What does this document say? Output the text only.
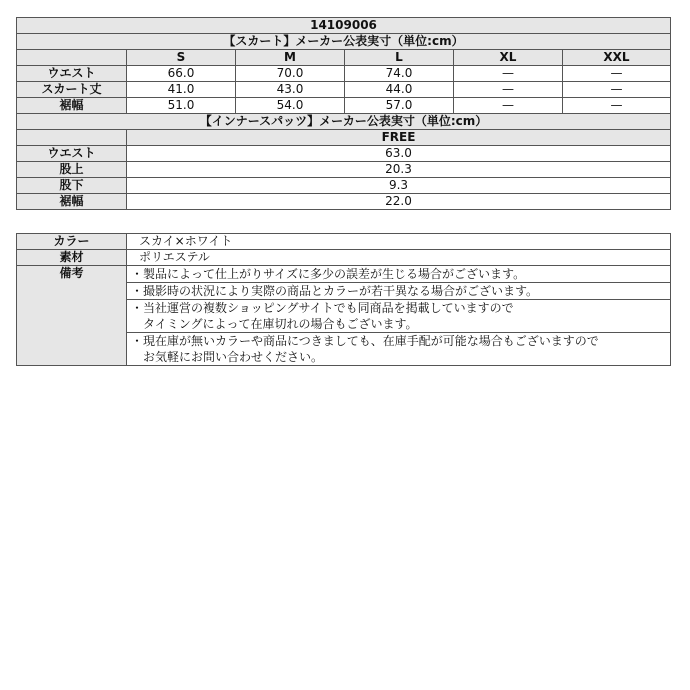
14109006					
【スカート】メーカー公表実寸（単位:cm）					
	S	M	L	XL	XXL
ウエスト	66.0	70.0	74.0	—	—
スカート丈	41.0	43.0	44.0	—	—
裾幅	51.0	54.0	57.0	—	—
【インナースパッツ】メーカー公表実寸（単位:cm）					
	FREE				
ウエスト	63.0				
股上	20.3				
股下	9.3				
裾幅	22.0				
カラー	スカイ×ホワイト
素材	ポリエステル
備考	・製品によって仕上がりサイズに多少の誤差が生じる場合がございます。

	・撮影時の状況により実際の商品とカラーが若干異なる場合がございます。

	・当社運営の複数ショッピングサイトでも同商品を掲載していますので
　タイミングによって在庫切れの場合もございます。

	・現在庫が無いカラーや商品につきましても、在庫手配が可能な場合もございますので
　お気軽にお問い合わせください。
